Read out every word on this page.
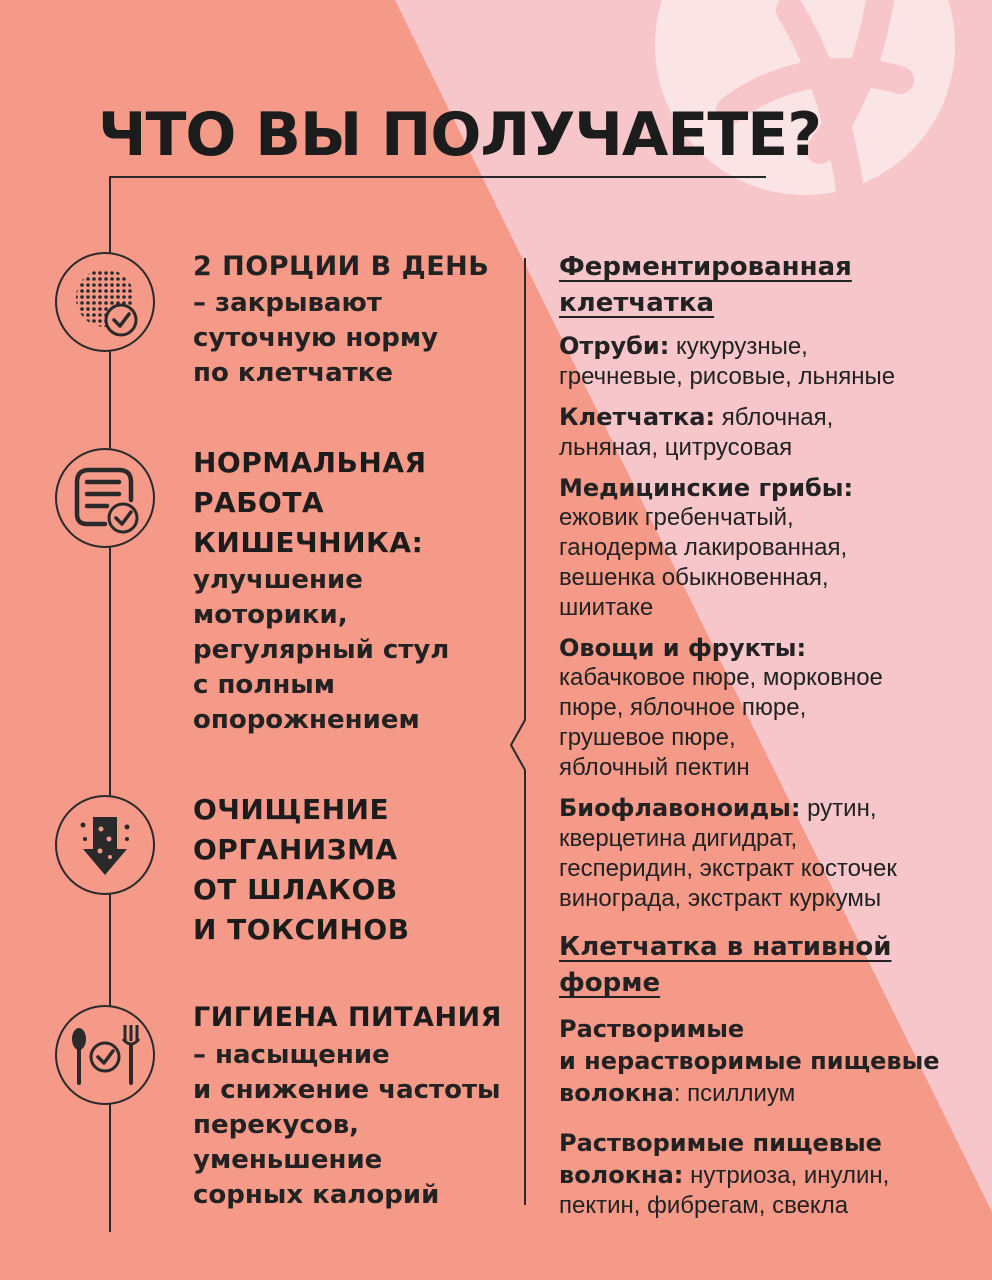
ЧТО ВЫ ПОЛУЧАЕТЕ?
2 ПОРЦИИ В ДЕНЬ
– закрывают
суточную норму
по клетчатке
НОРМАЛЬНАЯ
РАБОТА
КИШЕЧНИКА:
улучшение
моторики,
регулярный стул
с полным
опорожнением
ОЧИЩЕНИЕ
ОРГАНИЗМА
ОТ ШЛАКОВ
И ТОКСИНОВ
ГИГИЕНА ПИТАНИЯ
– насыщение
и снижение частоты
перекусов,
уменьшение
сорных калорий
Ферментированная
клетчатка
Отруби: кукурузные,
гречневые, рисовые, льняные
Клетчатка: яблочная,
льняная, цитрусовая
Медицинские грибы:
ежовик гребенчатый,
ганодерма лакированная,
вешенка обыкновенная,
шиитаке
Овощи и фрукты:
кабачковое пюре, морковное
пюре, яблочное пюре,
грушевое пюре,
яблочный пектин
Биофлавоноиды: рутин,
кверцетина дигидрат,
гесперидин, экстракт косточек
винограда, экстракт куркумы
Клетчатка в нативной
форме
Растворимые
и нерастворимые пищевые
волокна: псиллиум
Растворимые пищевые
волокна: нутриоза, инулин,
пектин, фибрегам, свекла
